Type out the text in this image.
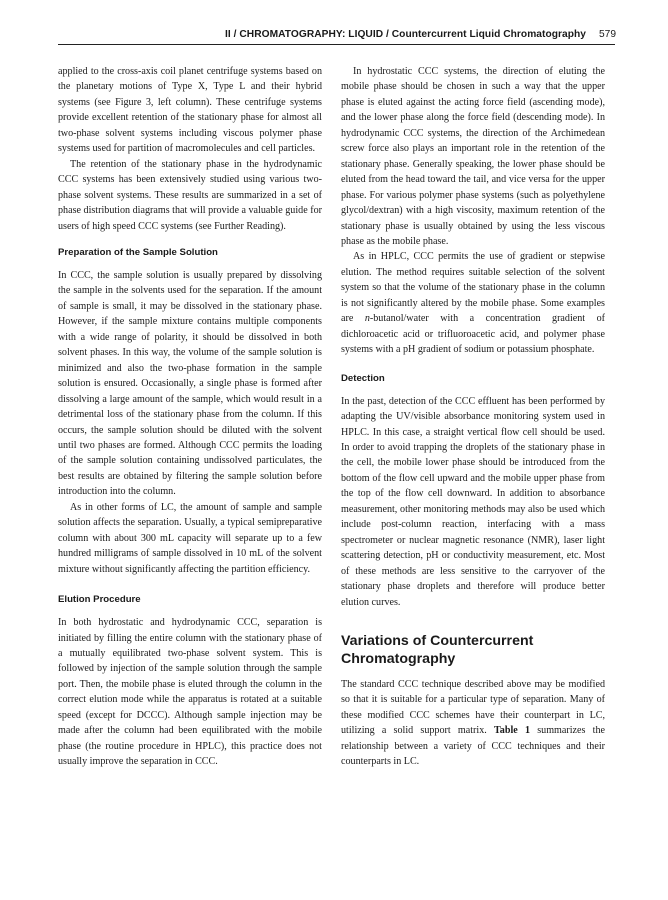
II / CHROMATOGRAPHY: LIQUID / Countercurrent Liquid Chromatography 579

applied to the cross-axis coil planet centrifuge systems based on the planetary motions of Type X, Type L and their hybrid systems (see Figure 3, left column). These centrifuge systems provide excellent retention of the stationary phase for almost all two-phase solvent systems including viscous polymer phase systems used for partition of macromolecules and cell particles.

The retention of the stationary phase in the hydrodynamic CCC systems has been extensively studied using various two-phase solvent systems. These results are summarized in a set of phase distribution diagrams that will provide a valuable guide for users of high speed CCC systems (see Further Reading).

Preparation of the Sample Solution

In CCC, the sample solution is usually prepared by dissolving the sample in the solvents used for the separation. If the amount of sample is small, it may be dissolved in the stationary phase. However, if the sample mixture contains multiple components with a wide range of polarity, it should be dissolved in both solvent phases. In this way, the volume of the sample solution is minimized and also the two-phase formation in the sample solution is ensured. Occasionally, a single phase is formed after dissolving a large amount of the sample, which would result in a detrimental loss of the stationary phase from the column. If this occurs, the sample solution should be diluted with the solvent until two phases are formed. Although CCC permits the loading of the sample solution containing undissolved particulates, the best results are obtained by filtering the sample solution before introduction into the column.

As in other forms of LC, the amount of sample and sample solution affects the separation. Usually, a typical semipreparative column with about 300 mL capacity will separate up to a few hundred milligrams of sample dissolved in 10 mL of the solvent mixture without significantly affecting the partition efficiency.

Elution Procedure

In both hydrostatic and hydrodynamic CCC, separation is initiated by filling the entire column with the stationary phase of a mutually equilibrated two-phase solvent system. This is followed by injection of the sample solution through the sample port. Then, the mobile phase is eluted through the column in the correct elution mode while the apparatus is rotated at a suitable speed (except for DCCC). Although sample injection may be made after the column had been equilibrated with the mobile phase (the routine procedure in HPLC), this practice does not usually improve the separation in CCC.

In hydrostatic CCC systems, the direction of eluting the mobile phase should be chosen in such a way that the upper phase is eluted against the acting force field (ascending mode), and the lower phase along the force field (descending mode). In hydrodynamic CCC systems, the direction of the Archimedean screw force also plays an important role in the retention of the stationary phase. Generally speaking, the lower phase should be eluted from the head toward the tail, and vice versa for the upper phase. For various polymer phase systems (such as polyethylene glycol/dextran) with a high viscosity, maximum retention of the stationary phase is usually obtained by using the less viscous phase as the mobile phase.

As in HPLC, CCC permits the use of gradient or stepwise elution. The method requires suitable selection of the solvent system so that the volume of the stationary phase in the column is not significantly altered by the mobile phase. Some examples are n-butanol/water with a concentration gradient of dichloroacetic acid or trifluoroacetic acid, and polymer phase systems with a pH gradient of sodium or potassium phosphate.

Detection

In the past, detection of the CCC effluent has been performed by adapting the UV/visible absorbance monitoring system used in HPLC. In this case, a straight vertical flow cell should be used. In order to avoid trapping the droplets of the stationary phase in the cell, the mobile lower phase should be introduced from the bottom of the flow cell upward and the mobile upper phase from the top of the flow cell downward. In addition to absorbance measurement, other monitoring methods may also be used which include post-column reaction, interfacing with a mass spectrometer or nuclear magnetic resonance (NMR), laser light scattering detection, pH or conductivity measurement, etc. Most of these methods are less sensitive to the carryover of the stationary phase droplets and therefore will produce better elution curves.

Variations of Countercurrent Chromatography

The standard CCC technique described above may be modified so that it is suitable for a particular type of separation. Many of these modified CCC schemes have their counterpart in LC, utilizing a solid support matrix. Table 1 summarizes the relationship between a variety of CCC techniques and their counterparts in LC.
